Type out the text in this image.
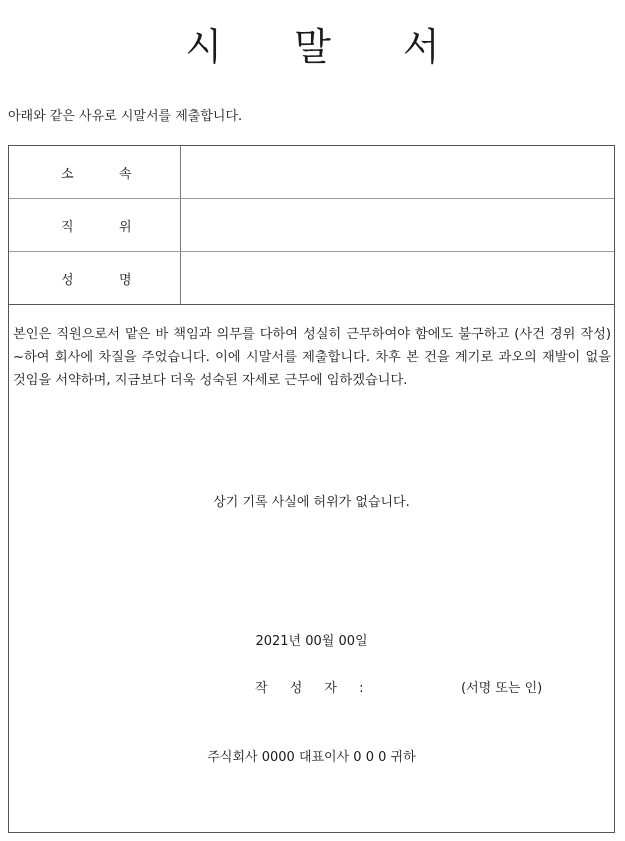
시 말 서
아래와 같은 사유로 시말서를 제출합니다.
소	속
직	위
성	명
본인은 직원으로서 맡은 바 책임과 의무를 다하여 성실히 근무하여야 함에도 불구하고 (사건 경위 작성) ~하여 회사에 차질을 주었습니다. 이에 시말서를 제출합니다. 차후 본 건을 계기로 과오의 재발이 없을 것임을 서약하며, 지금보다 더욱 성숙된 자세로 근무에 임하겠습니다.
상기 기록 사실에 허위가 없습니다.
2021년 00월 00일
작 성 자 :	(서명 또는 인)
주식회사 0000 대표이사 0 0 0 귀하
